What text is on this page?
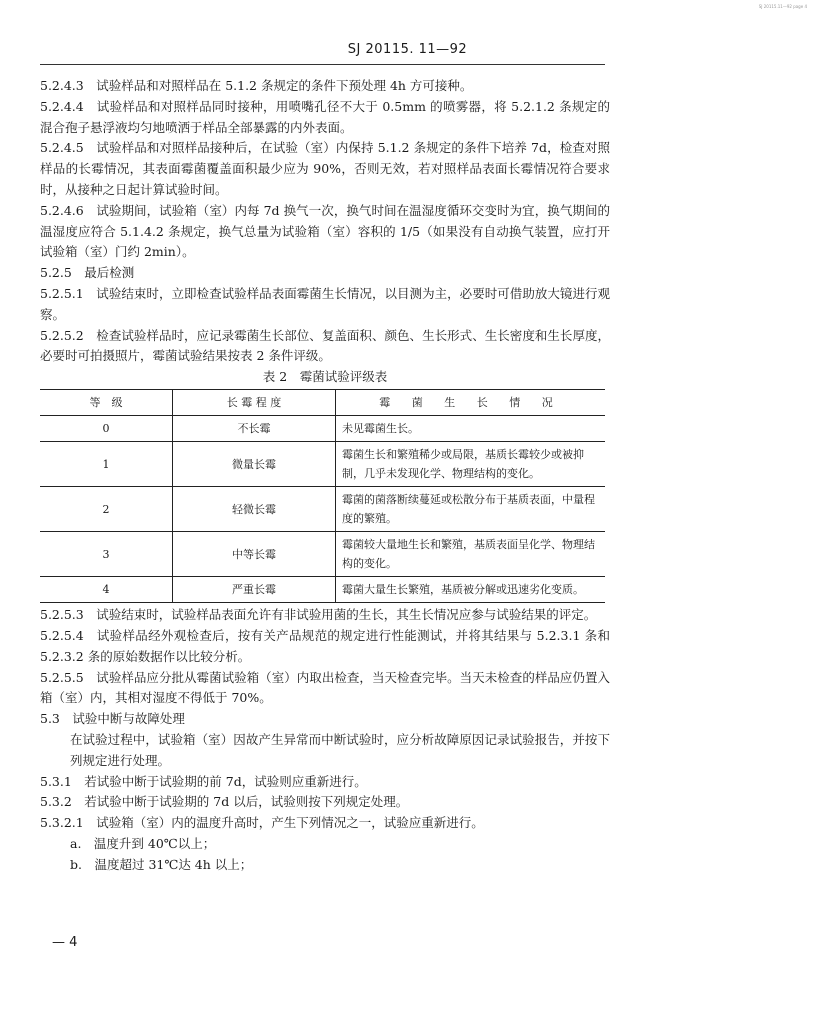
SJ 20115.11—92 page 4
SJ 20115. 11—92

5.2.4.3　试验样品和对照样品在 5.1.2 条规定的条件下预处理 4h 方可接种。

5.2.4.4　试验样品和对照样品同时接种，用喷嘴孔径不大于 0.5mm 的喷雾器，将 5.2.1.2 条规定的混合孢子悬浮液均匀地喷洒于样品全部暴露的内外表面。

5.2.4.5　试验样品和对照样品接种后，在试验（室）内保持 5.1.2 条规定的条件下培养 7d，检查对照样品的长霉情况，其表面霉菌覆盖面积最少应为 90%，否则无效，若对照样品表面长霉情况符合要求时，从接种之日起计算试验时间。

5.2.4.6　试验期间，试验箱（室）内每 7d 换气一次，换气时间在温湿度循环交变时为宜，换气期间的温湿度应符合 5.1.4.2 条规定，换气总量为试验箱（室）容积的 1/5（如果没有自动换气装置，应打开试验箱（室）门约 2min）。

5.2.5　最后检测

5.2.5.1　试验结束时，立即检查试验样品表面霉菌生长情况，以目测为主，必要时可借助放大镜进行观察。

5.2.5.2　检查试验样品时，应记录霉菌生长部位、复盖面积、颜色、生长形式、生长密度和生长厚度，必要时可拍摄照片，霉菌试验结果按表 2 条件评级。

表 2　霉菌试验评级表

等　级	长 霉 程 度	霉 菌 生 长 情 况
0	不长霉	未见霉菌生长。
1	微量长霉	霉菌生长和繁殖稀少或局限，基质长霉较少或被抑制，几乎未发现化学、物理结构的变化。
2	轻微长霉	霉菌的菌落断续蔓延或松散分布于基质表面，中量程度的繁殖。
3	中等长霉	霉菌较大量地生长和繁殖，基质表面呈化学、物理结构的变化。
4	严重长霉	霉菌大量生长繁殖，基质被分解或迅速劣化变质。

5.2.5.3　试验结束时，试验样品表面允许有非试验用菌的生长，其生长情况应参与试验结果的评定。

5.2.5.4　试验样品经外观检查后，按有关产品规范的规定进行性能测试，并将其结果与 5.2.3.1 条和 5.2.3.2 条的原始数据作以比较分析。

5.2.5.5　试验样品应分批从霉菌试验箱（室）内取出检查，当天检查完毕。当天未检查的样品应仍置入箱（室）内，其相对湿度不得低于 70%。

5.3　试验中断与故障处理

在试验过程中，试验箱（室）因故产生异常而中断试验时，应分析故障原因记录试验报告，并按下列规定进行处理。

5.3.1　若试验中断于试验期的前 7d，试验则应重新进行。

5.3.2　若试验中断于试验期的 7d 以后，试验则按下列规定处理。

5.3.2.1　试验箱（室）内的温度升高时，产生下列情况之一，试验应重新进行。

a.　温度升到 40℃以上；

b.　温度超过 31℃达 4h 以上；

— 4
